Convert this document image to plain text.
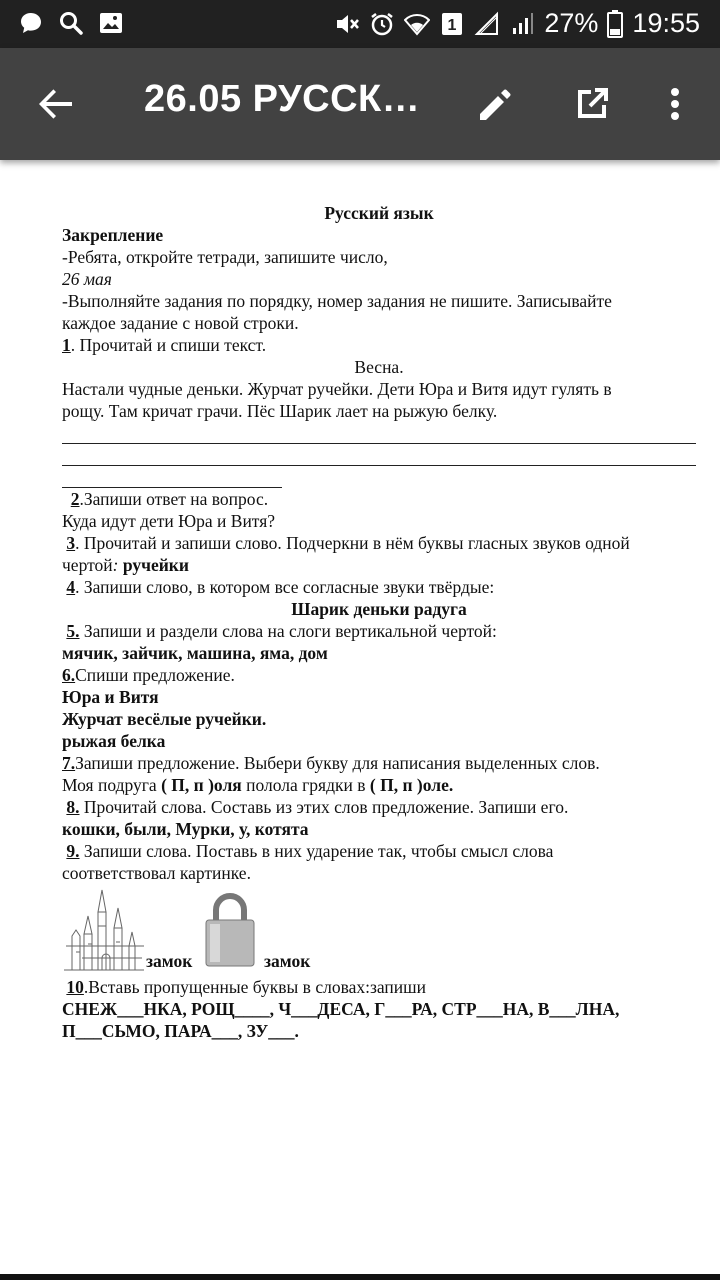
1	27% 19:55
26.05 РУССК…

Русский язык

Закрепление

-Ребята, откройте тетради, запишите число,

26 мая

-Выполняйте задания по порядку, номер задания не пишите. Записывайте

каждое задание с новой строки.

1. Прочитай и спиши текст.

Весна.

Настали чудные деньки. Журчат ручейки. Дети Юра и Витя идут гулять в

рощу. Там кричат грачи. Пёс Шарик лает на рыжую белку.

2.Запиши ответ на вопрос.

Куда идут дети Юра и Витя?

3. Прочитай и запиши слово. Подчеркни в нём буквы гласных звуков одной

чертой: ручейки

4. Запиши слово, в котором все согласные звуки твёрдые:

Шарик деньки радуга

5. Запиши и раздели слова на слоги вертикальной чертой:

мячик, зайчик, машина, яма, дом

6.Спиши предложение.

Юра и Витя

Журчат весёлые ручейки.

рыжая белка

7.Запиши предложение. Выбери букву для написания выделенных слов.

Моя подруга ( П, п )оля полола грядки в ( П, п )оле.

8. Прочитай слова. Составь из этих слов предложение. Запиши его.

кошки, были, Мурки, у, котята

9. Запиши слова. Поставь в них ударение так, чтобы смысл слова

соответствовал картинке.

замок	замок

10.Вставь пропущенные буквы в словах:запиши

СНЕЖ___НКА, РОЩ____, Ч___ДЕСА, Г___РА, СТР___НА, В___ЛНА,

П___СЬМО, ПАРА___, ЗУ___.
